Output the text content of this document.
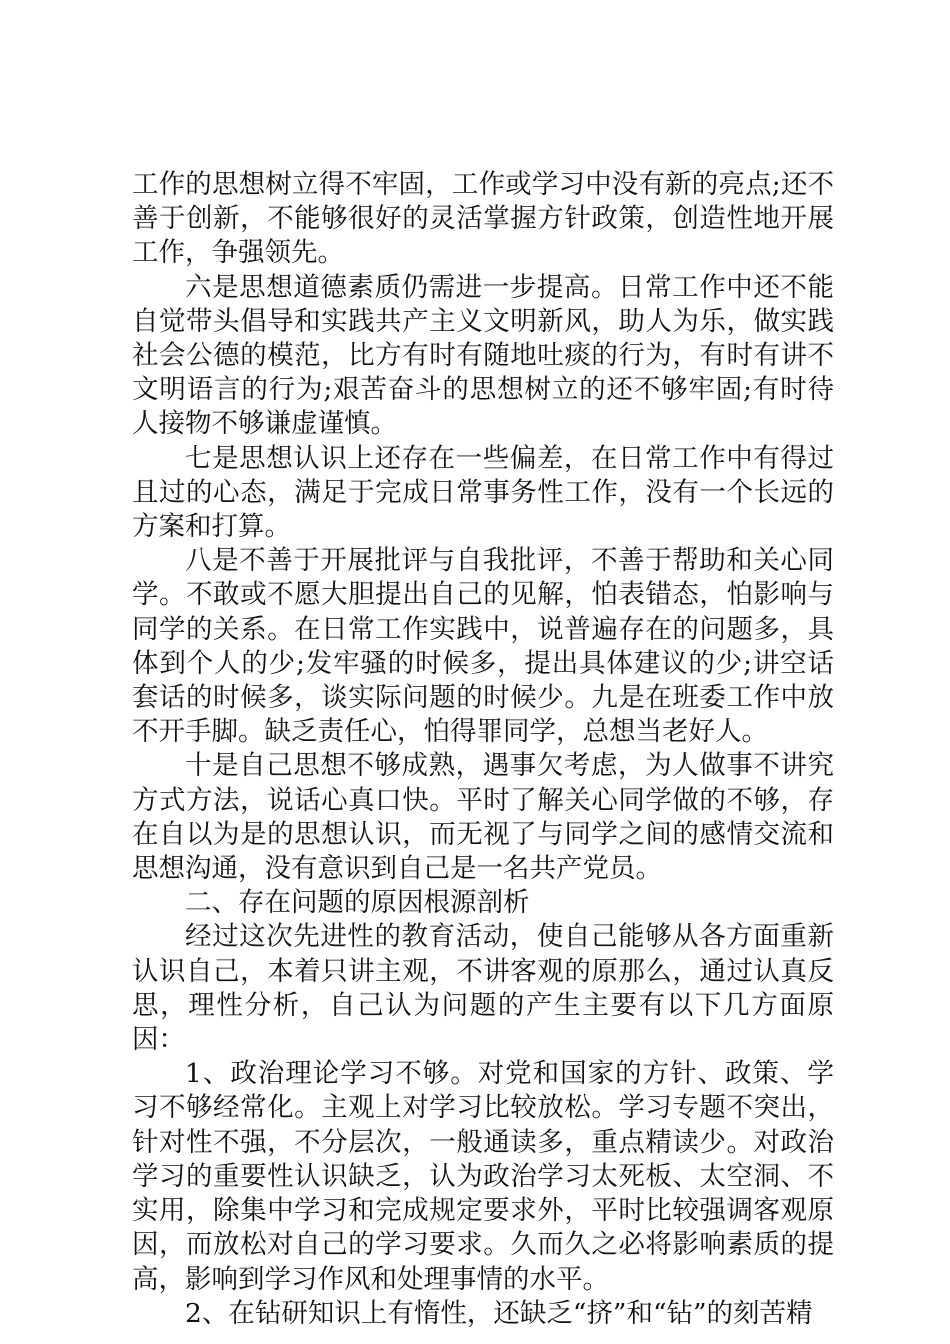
工作的思想树立得不牢固，工作或学习中没有新的亮点;还不善于创新，不能够很好的灵活掌握方针政策，创造性地开展工作，争强领先。

六是思想道德素质仍需进一步提高。日常工作中还不能自觉带头倡导和实践共产主义文明新风，助人为乐，做实践社会公德的模范，比方有时有随地吐痰的行为，有时有讲不文明语言的行为;艰苦奋斗的思想树立的还不够牢固;有时待人接物不够谦虚谨慎。

七是思想认识上还存在一些偏差，在日常工作中有得过且过的心态，满足于完成日常事务性工作，没有一个长远的方案和打算。

八是不善于开展批评与自我批评，不善于帮助和关心同学。不敢或不愿大胆提出自己的见解，怕表错态，怕影响与同学的关系。在日常工作实践中，说普遍存在的问题多，具体到个人的少;发牢骚的时候多，提出具体建议的少;讲空话套话的时候多，谈实际问题的时候少。九是在班委工作中放不开手脚。缺乏责任心，怕得罪同学，总想当老好人。

十是自己思想不够成熟，遇事欠考虑，为人做事不讲究方式方法，说话心真口快。平时了解关心同学做的不够，存在自以为是的思想认识，而无视了与同学之间的感情交流和思想沟通，没有意识到自己是一名共产党员。

二、存在问题的原因根源剖析

经过这次先进性的教育活动，使自己能够从各方面重新认识自己，本着只讲主观，不讲客观的原那么，通过认真反思，理性分析，自己认为问题的产生主要有以下几方面原因：

1、政治理论学习不够。对党和国家的方针、政策、学习不够经常化。主观上对学习比较放松。学习专题不突出，针对性不强，不分层次，一般通读多，重点精读少。对政治学习的重要性认识缺乏，认为政治学习太死板、太空洞、不实用，除集中学习和完成规定要求外，平时比较强调客观原因，而放松对自己的学习要求。久而久之必将影响素质的提高，影响到学习作风和处理事情的水平。

2、在钻研知识上有惰性，还缺乏“挤”和“钻”的刻苦精
